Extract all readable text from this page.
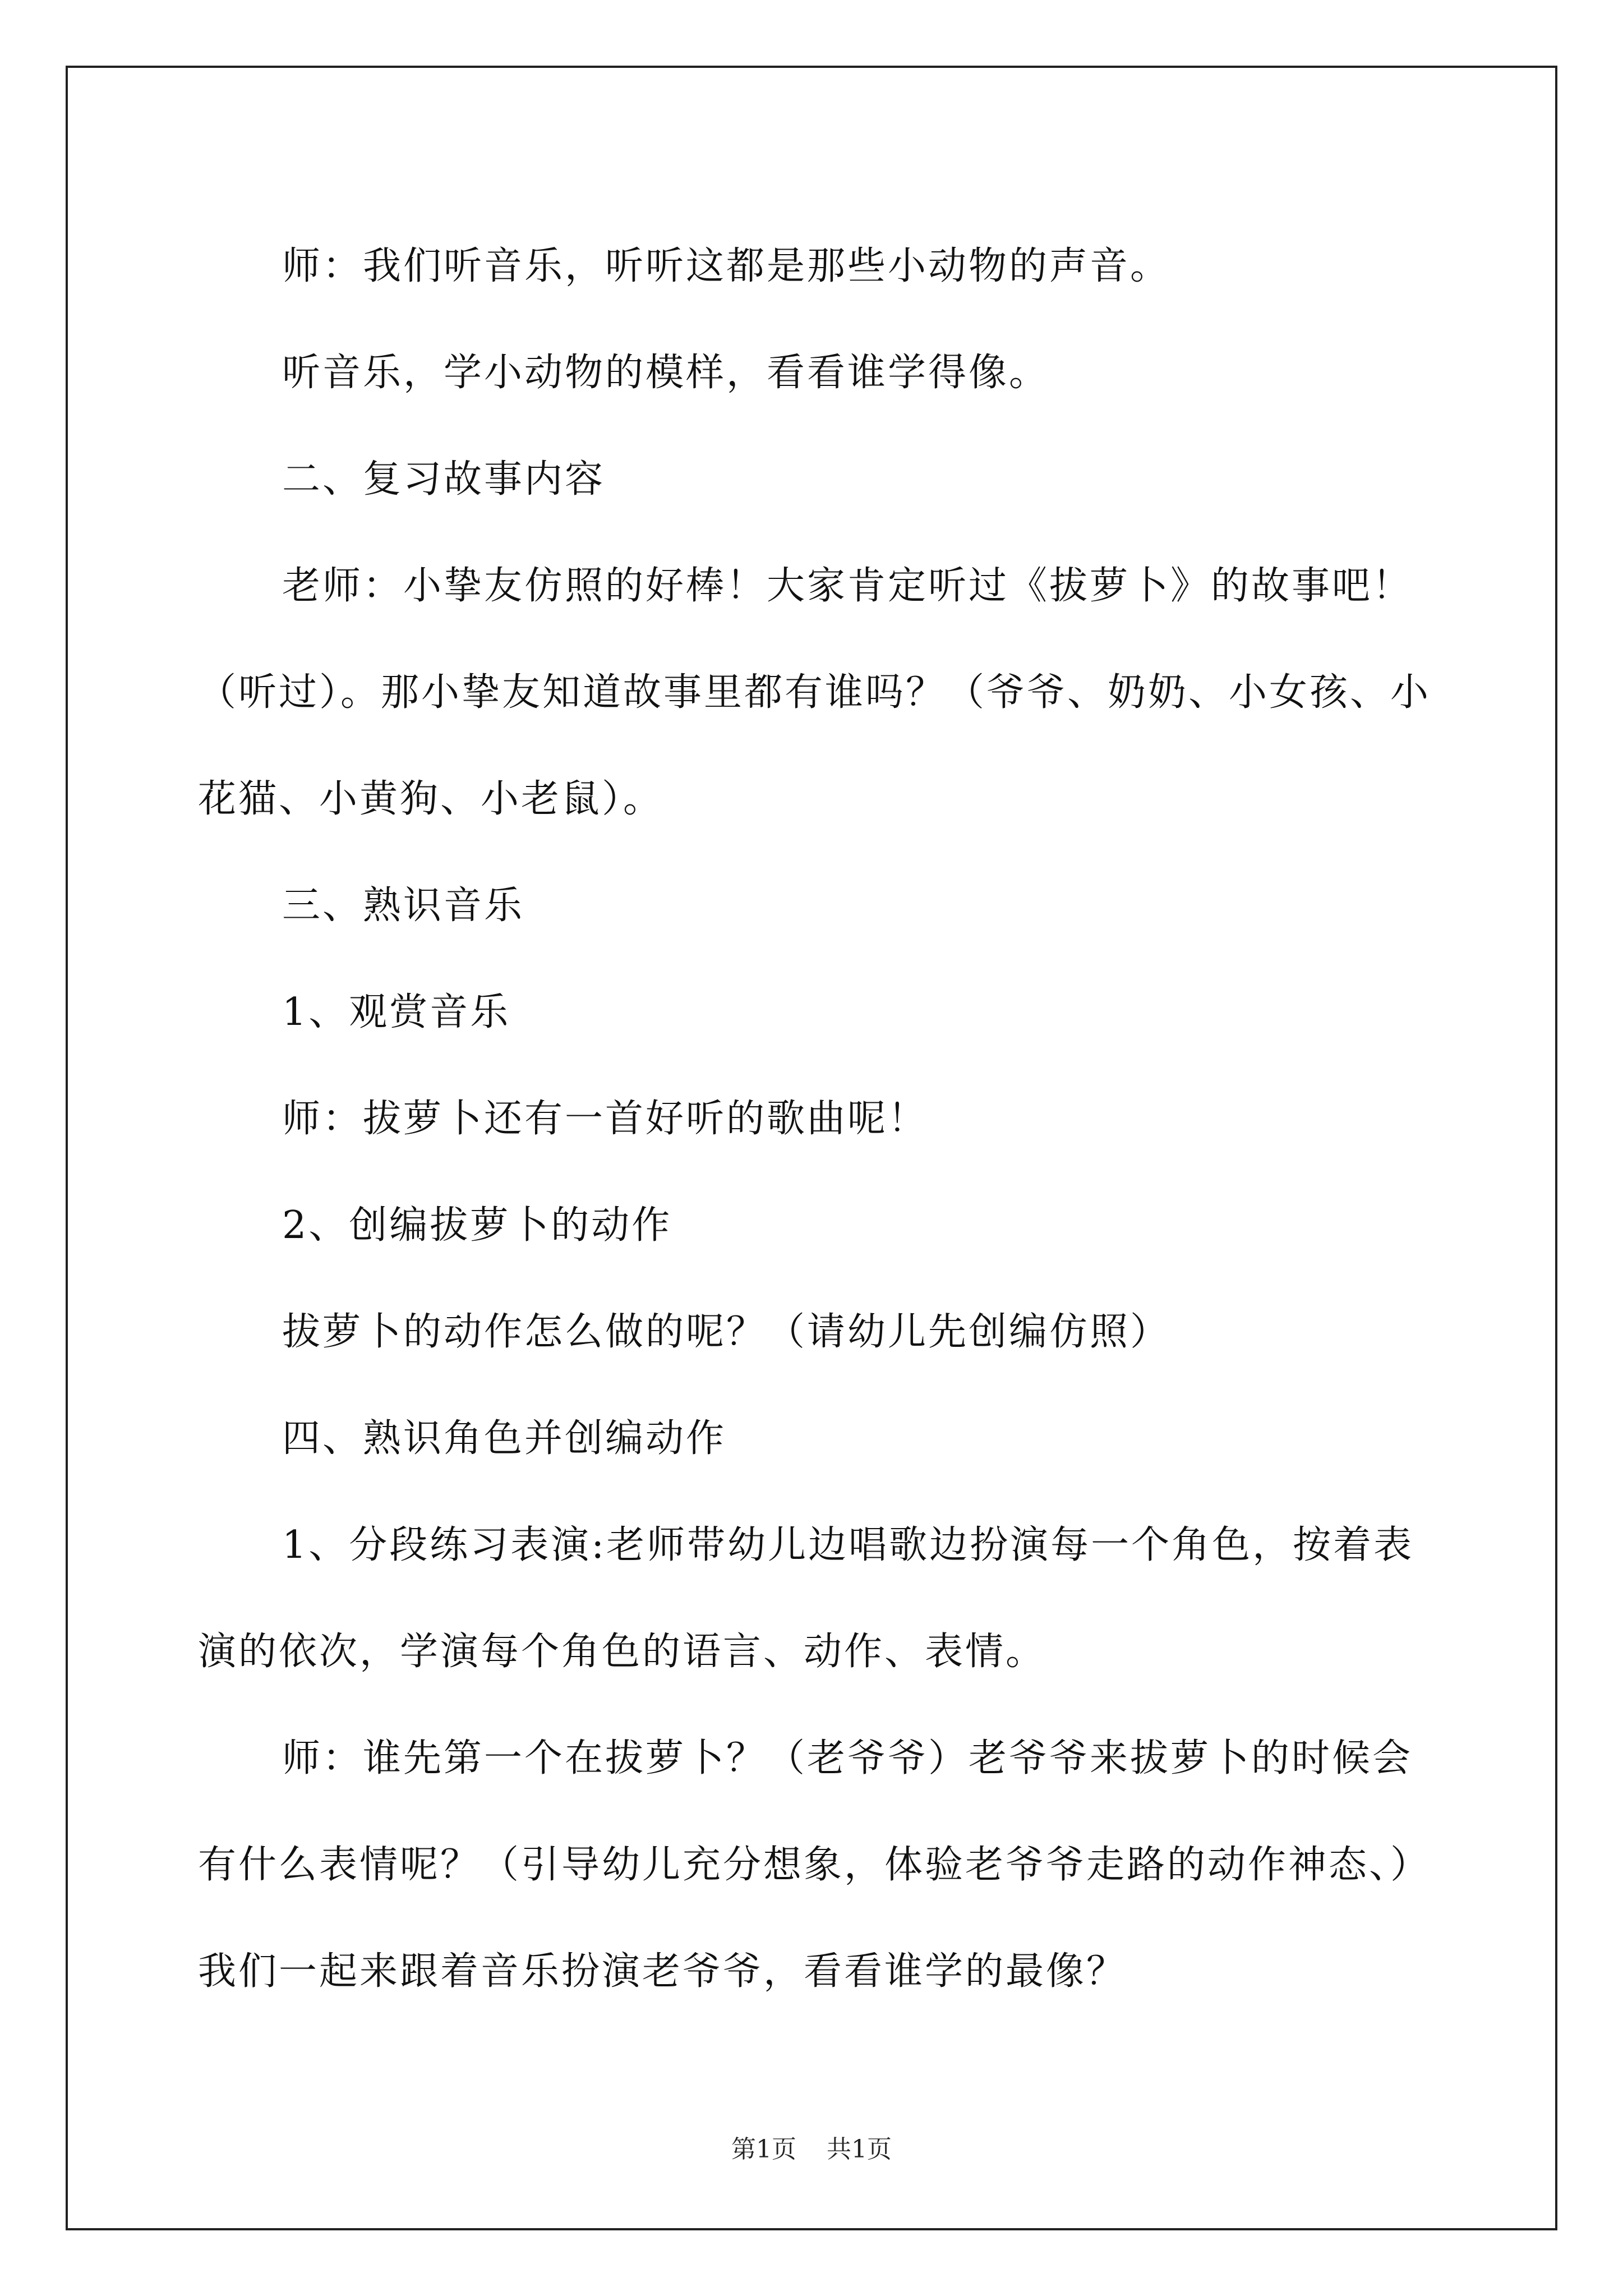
师：我们听音乐，听听这都是那些小动物的声音。

听音乐，学小动物的模样，看看谁学得像。

二、复习故事内容

老师：小挚友仿照的好棒！大家肯定听过《拔萝卜》的故事吧！

（听过）。那小挚友知道故事里都有谁吗？（爷爷、奶奶、小女孩、小

花猫、小黄狗、小老鼠）。

三、熟识音乐

1、观赏音乐

师：拔萝卜还有一首好听的歌曲呢！

2、创编拔萝卜的动作

拔萝卜的动作怎么做的呢？（请幼儿先创编仿照）

四、熟识角色并创编动作

1、分段练习表演:老师带幼儿边唱歌边扮演每一个角色，按着表

演的依次，学演每个角色的语言、动作、表情。

师：谁先第一个在拔萝卜？（老爷爷）老爷爷来拔萝卜的时候会

有什么表情呢？（引导幼儿充分想象，体验老爷爷走路的动作神态、）

我们一起来跟着音乐扮演老爷爷，看看谁学的最像？

第1页 共1页
